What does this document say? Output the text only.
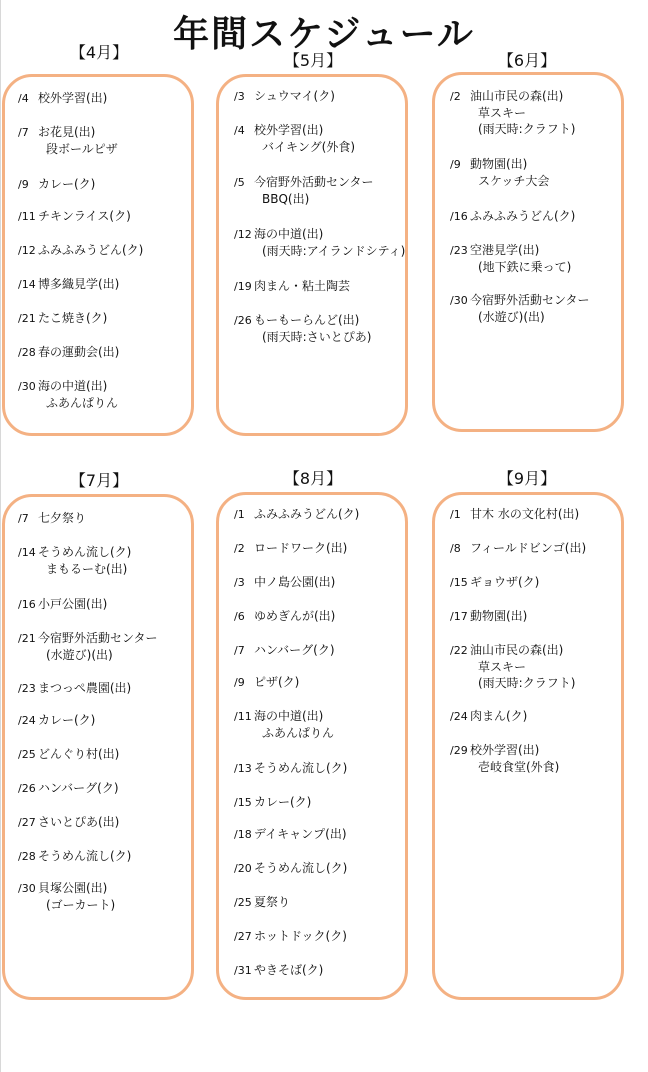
年間スケジュール
【4月】
/4 校外学習(出)
/7 お花見(出)
段ボールピザ
/9 カレー(ク)
/11 チキンライス(ク)
/12 ふみふみうどん(ク)
/14 博多織見学(出)
/21 たこ焼き(ク)
/28 春の運動会(出)
/30 海の中道(出)
ふあんぱりん
【5月】
/3 シュウマイ(ク)
/4 校外学習(出)
バイキング(外食)
/5 今宿野外活動センター
BBQ(出)
/12 海の中道(出)
(雨天時:アイランドシティ)
/19 肉まん・粘土陶芸
/26 もーもーらんど(出)
(雨天時:さいとぴあ)
【6月】
/2 油山市民の森(出)
草スキー
(雨天時:クラフト)
/9 動物園(出)
スケッチ大会
/16 ふみふみうどん(ク)
/23 空港見学(出)
(地下鉄に乗って)
/30 今宿野外活動センター
(水遊び)(出)
【7月】
/7 七夕祭り
/14 そうめん流し(ク)
まもるーむ(出)
/16 小戸公園(出)
/21 今宿野外活動センター
(水遊び)(出)
/23 まつっぺ農園(出)
/24 カレー(ク)
/25 どんぐり村(出)
/26 ハンバーグ(ク)
/27 さいとぴあ(出)
/28 そうめん流し(ク)
/30 貝塚公園(出)
(ゴーカート)
【8月】
/1 ふみふみうどん(ク)
/2 ロードワーク(出)
/3 中ノ島公園(出)
/6 ゆめぎんが(出)
/7 ハンバーグ(ク)
/9 ピザ(ク)
/11 海の中道(出)
ふあんぱりん
/13 そうめん流し(ク)
/15 カレー(ク)
/18 デイキャンプ(出)
/20 そうめん流し(ク)
/25 夏祭り
/27 ホットドック(ク)
/31 やきそば(ク)
【9月】
/1 甘木 水の文化村(出)
/8 フィールドビンゴ(出)
/15 ギョウザ(ク)
/17 動物園(出)
/22 油山市民の森(出)
草スキー
(雨天時:クラフト)
/24 肉まん(ク)
/29 校外学習(出)
壱岐食堂(外食)
